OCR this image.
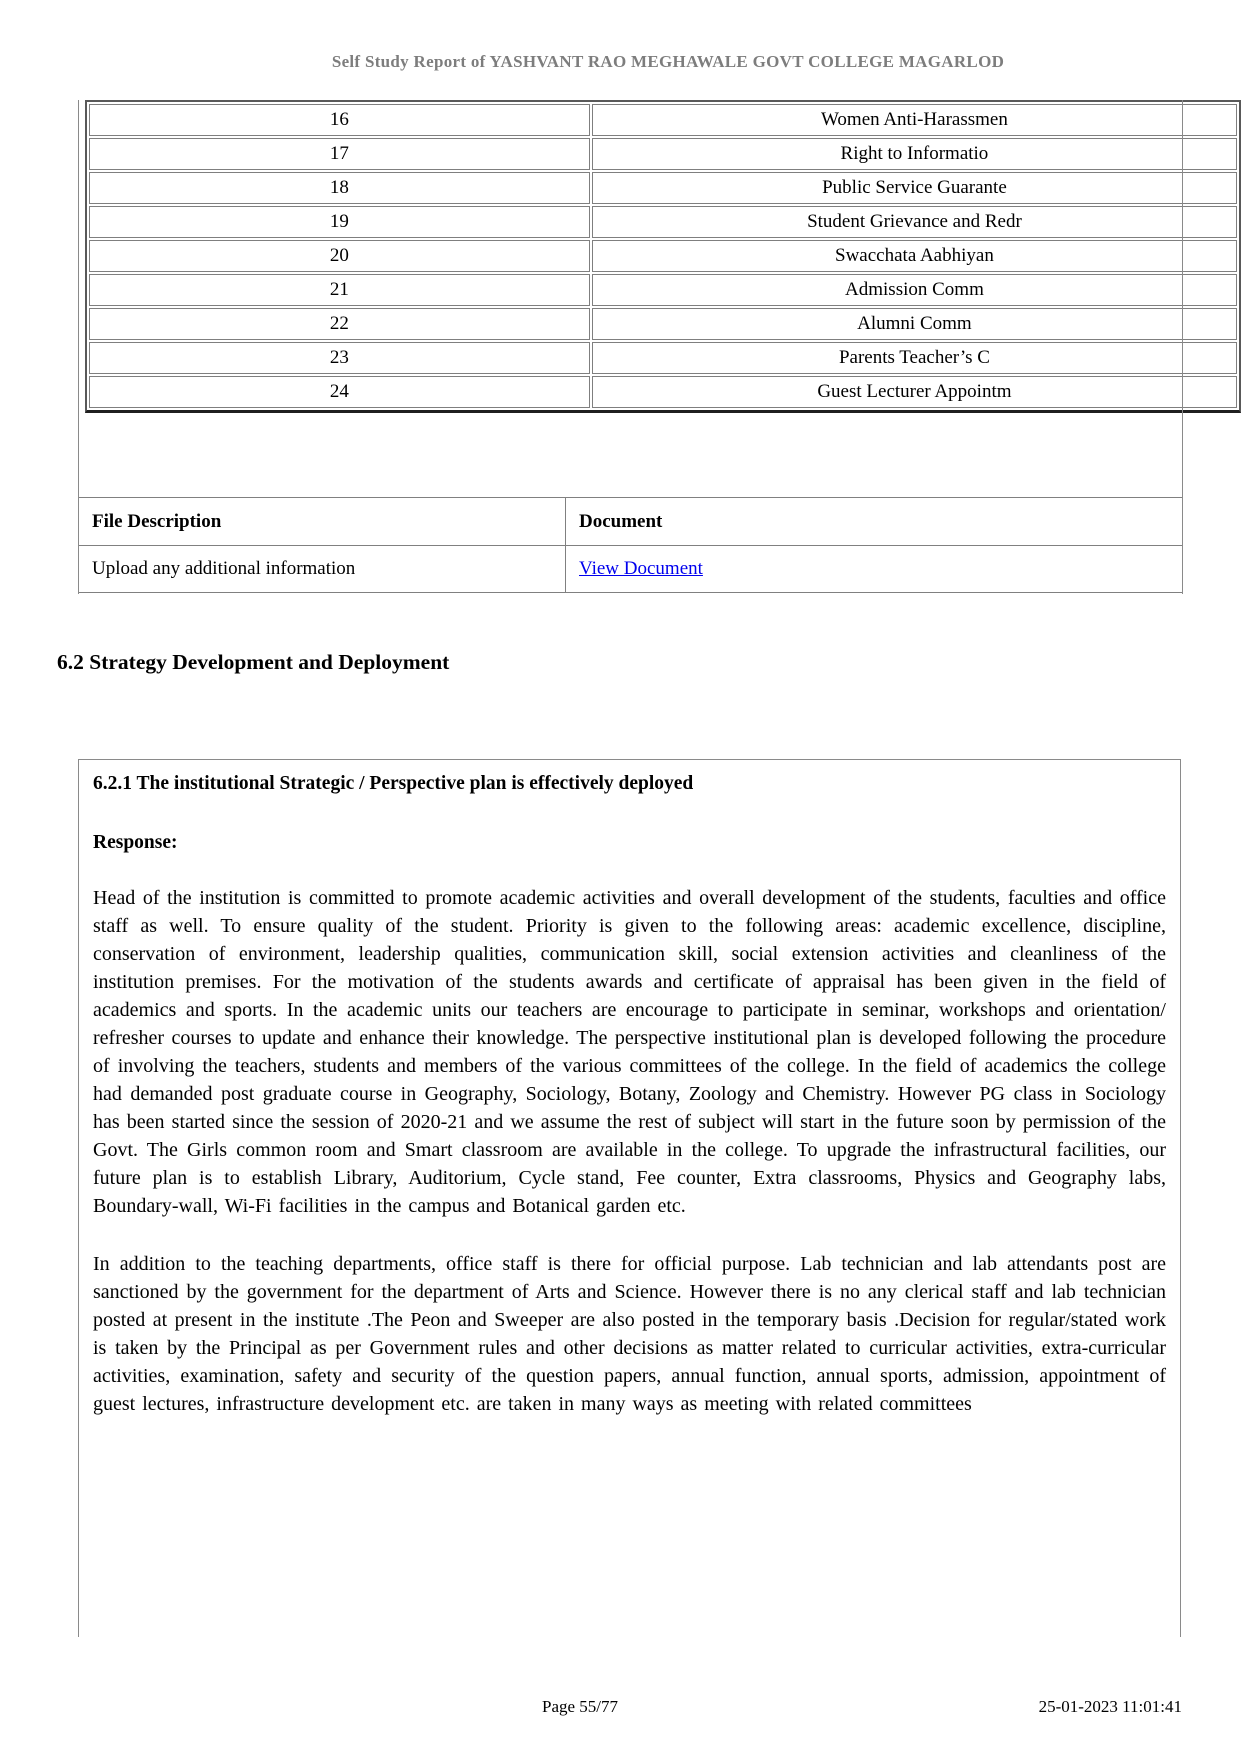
Self Study Report of YASHVANT RAO MEGHAWALE GOVT COLLEGE MAGARLOD
16	Women Anti-Harassmen
17	Right to Informatio
18	Public Service Guarante
19	Student Grievance and Redr
20	Swacchata Aabhiyan
21	Admission Comm
22	Alumni Comm
23	Parents Teacher’s C
24	Guest Lecturer Appointm
File Description	Document
Upload any additional information	View Document
6.2 Strategy Development and Deployment
6.2.1 The institutional Strategic / Perspective plan is effectively deployed
Response:
Head of the institution is committed to promote academic activities and overall development of the students, faculties and office staff as well. To ensure quality of the student. Priority is given to the following areas: academic excellence, discipline, conservation of environment, leadership qualities, communication skill, social extension activities and cleanliness of the institution premises. For the motivation of the students awards and certificate of appraisal has been given in the field of academics and sports. In the academic units our teachers are encourage to participate in seminar, workshops and orientation/ refresher courses to update and enhance their knowledge. The perspective institutional plan is developed following the procedure of involving the teachers, students and members of the various committees of the college. In the field of academics the college had demanded post graduate course in Geography, Sociology, Botany, Zoology and Chemistry. However PG class in Sociology has been started since the session of 2020-21 and we assume the rest of subject will start in the future soon by permission of the Govt. The Girls common room and Smart classroom are available in the college. To upgrade the infrastructural facilities, our future plan is to establish Library, Auditorium, Cycle stand, Fee counter, Extra classrooms, Physics and Geography labs, Boundary-wall, Wi-Fi facilities in the campus and Botanical garden etc.
In addition to the teaching departments, office staff is there for official purpose. Lab technician and lab attendants post are sanctioned by the government for the department of Arts and Science. However there is no any clerical staff and lab technician posted at present in the institute .The Peon and Sweeper are also posted in the temporary basis .Decision for regular/stated work is taken by the Principal as per Government rules and other decisions as matter related to curricular activities, extra-curricular activities, examination, safety and security of the question papers, annual function, annual sports, admission, appointment of guest lectures, infrastructure development etc. are taken in many ways as meeting with related committees
Page 55/77	25-01-2023 11:01:41
